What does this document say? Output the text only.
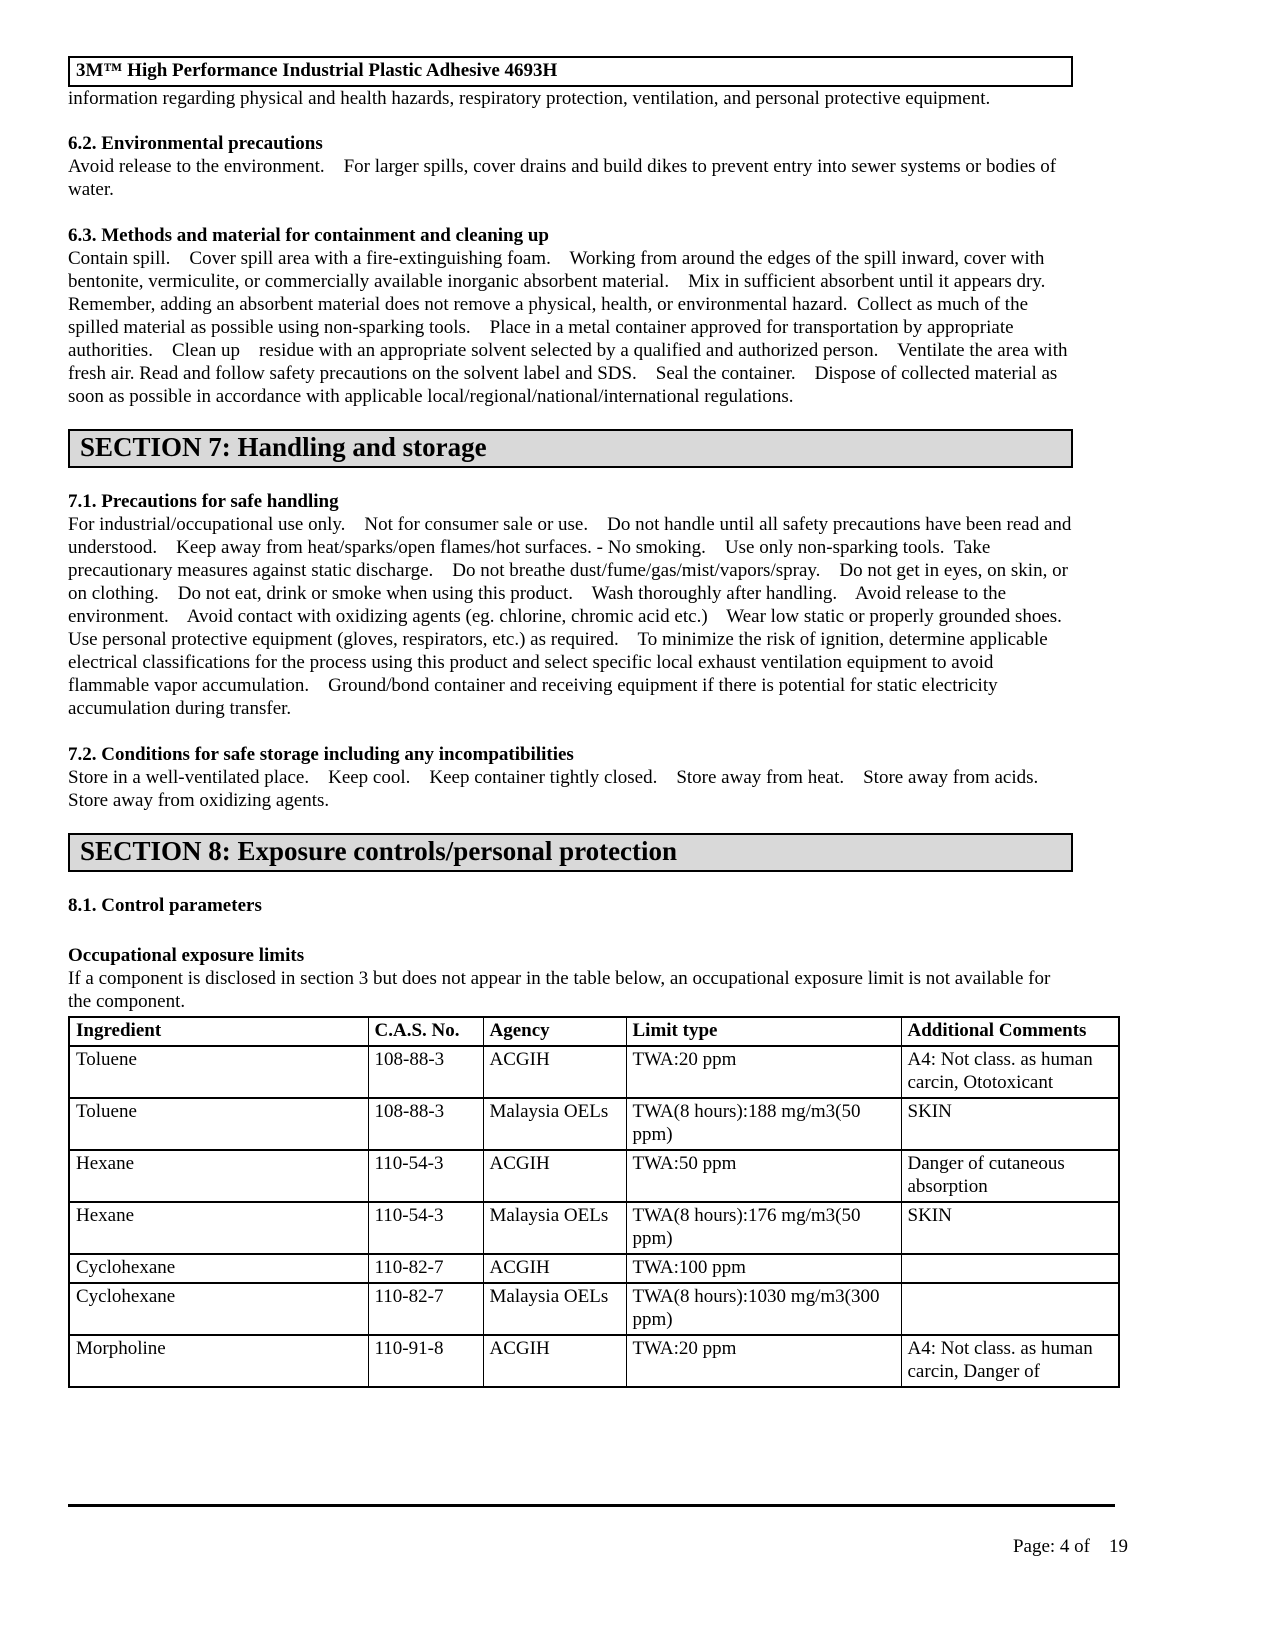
3M™ High Performance Industrial Plastic Adhesive 4693H

information regarding physical and health hazards, respiratory protection, ventilation, and personal protective equipment.

6.2. Environmental precautions

Avoid release to the environment.    For larger spills, cover drains and build dikes to prevent entry into sewer systems or bodies of water.

6.3. Methods and material for containment and cleaning up

Contain spill.    Cover spill area with a fire-extinguishing foam.    Working from around the edges of the spill inward, cover with bentonite, vermiculite, or commercially available inorganic absorbent material.    Mix in sufficient absorbent until it appears dry.    Remember, adding an absorbent material does not remove a physical, health, or environmental hazard.  Collect as much of the spilled material as possible using non-sparking tools.    Place in a metal container approved for transportation by appropriate authorities.    Clean up    residue with an appropriate solvent selected by a qualified and authorized person.    Ventilate the area with fresh air. Read and follow safety precautions on the solvent label and SDS.    Seal the container.    Dispose of collected material as soon as possible in accordance with applicable local/regional/national/international regulations.

SECTION 7: Handling and storage
7.1. Precautions for safe handling

For industrial/occupational use only.    Not for consumer sale or use.    Do not handle until all safety precautions have been read and understood.    Keep away from heat/sparks/open flames/hot surfaces. - No smoking.    Use only non-sparking tools.  Take precautionary measures against static discharge.    Do not breathe dust/fume/gas/mist/vapors/spray.    Do not get in eyes, on skin, or on clothing.    Do not eat, drink or smoke when using this product.    Wash thoroughly after handling.    Avoid release to the environment.    Avoid contact with oxidizing agents (eg. chlorine, chromic acid etc.)    Wear low static or properly grounded shoes.    Use personal protective equipment (gloves, respirators, etc.) as required.    To minimize the risk of ignition, determine applicable electrical classifications for the process using this product and select specific local exhaust ventilation equipment to avoid flammable vapor accumulation.    Ground/bond container and receiving equipment if there is potential for static electricity accumulation during transfer.

7.2. Conditions for safe storage including any incompatibilities

Store in a well-ventilated place.    Keep cool.    Keep container tightly closed.    Store away from heat.    Store away from acids.    Store away from oxidizing agents.

SECTION 8: Exposure controls/personal protection
8.1. Control parameters
Occupational exposure limits

If a component is disclosed in section 3 but does not appear in the table below, an occupational exposure limit is not available for the component.

Ingredient	C.A.S. No.	Agency	Limit type	Additional Comments
Toluene	108-88-3	ACGIH	TWA:20 ppm	A4: Not class. as human carcin, Ototoxicant
Toluene	108-88-3	Malaysia OELs	TWA(8 hours):188 mg/m3(50 ppm)	SKIN
Hexane	110-54-3	ACGIH	TWA:50 ppm	Danger of cutaneous absorption
Hexane	110-54-3	Malaysia OELs	TWA(8 hours):176 mg/m3(50 ppm)	SKIN
Cyclohexane	110-82-7	ACGIH	TWA:100 ppm	
Cyclohexane	110-82-7	Malaysia OELs	TWA(8 hours):1030 mg/m3(300 ppm)	
Morpholine	110-91-8	ACGIH	TWA:20 ppm	A4: Not class. as human carcin, Danger of
Page: 4 of    19
